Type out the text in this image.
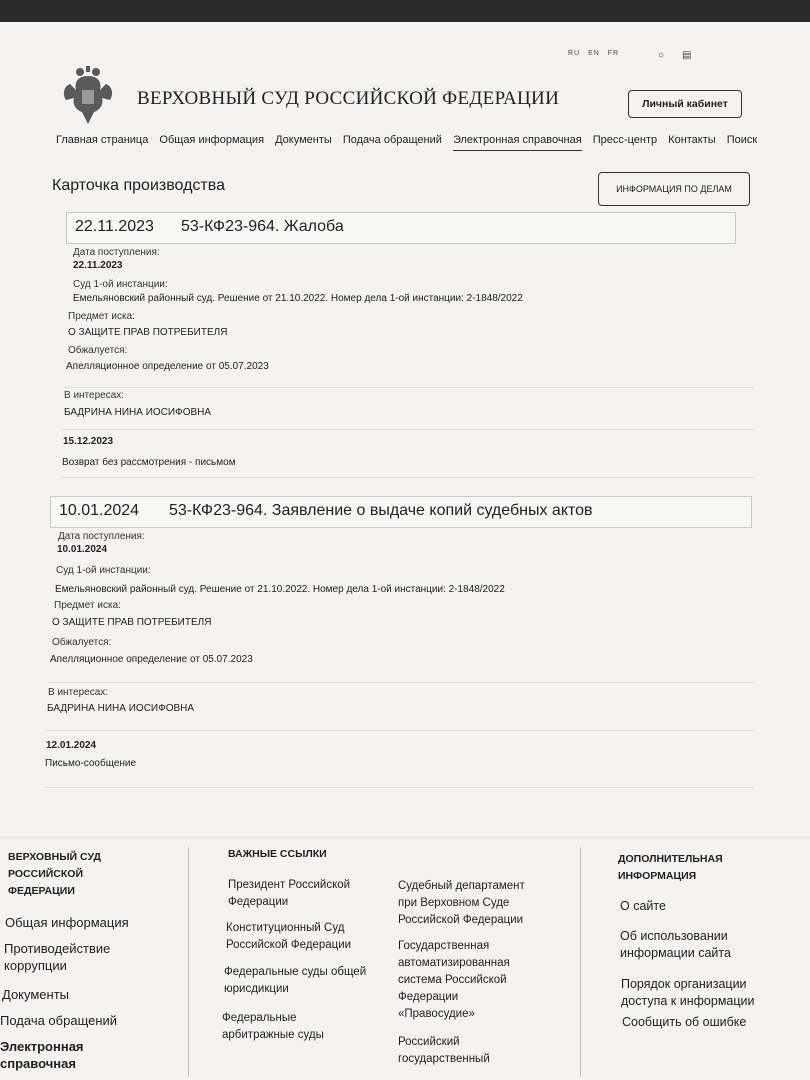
RU EN FR	○ ▤
ВЕРХОВНЫЙ СУД РОССИЙСКОЙ ФЕДЕРАЦИИ	Личный кабинет
Главная страница Общая информация Документы Подача обращений Электронная справочная Пресс-центр Контакты Поиск
Карточка производства	ИНФОРМАЦИЯ ПО ДЕЛАМ
22.11.2023 53-КФ23-964. Жалоба
Дата поступления:
22.11.2023
Суд 1-ой инстанции:
Емельяновский районный суд. Решение от 21.10.2022. Номер дела 1-ой инстанции: 2-1848/2022
Предмет иска:
О ЗАЩИТЕ ПРАВ ПОТРЕБИТЕЛЯ
Обжалуется:
Апелляционное определение от 05.07.2023
В интересах:
БАДРИНА НИНА ИОСИФОВНА
15.12.2023
Возврат без рассмотрения - письмом
10.01.2024 53-КФ23-964. Заявление о выдаче копий судебных актов
Дата поступления:
10.01.2024
Суд 1-ой инстанции:
Емельяновский районный суд. Решение от 21.10.2022. Номер дела 1-ой инстанции: 2-1848/2022
Предмет иска:
О ЗАЩИТЕ ПРАВ ПОТРЕБИТЕЛЯ
Обжалуется:
Апелляционное определение от 05.07.2023
В интересах:
БАДРИНА НИНА ИОСИФОВНА
12.01.2024
Письмо-сообщение
ВЕРХОВНЫЙ СУД РОССИЙСКОЙ ФЕДЕРАЦИИ
Общая информация
Противодействие коррупции
Документы
Подача обращений
Электронная справочная
ВАЖНЫЕ ССЫЛКИ
Президент Российской Федерации
Конституционный Суд Российской Федерации
Федеральные суды общей юрисдикции
Федеральные арбитражные суды
Судебный департамент при Верховном Суде Российской Федерации
Государственная автоматизированная система Российской Федерации «Правосудие»
Российский государственный
ДОПОЛНИТЕЛЬНАЯ ИНФОРМАЦИЯ
О сайте
Об использовании информации сайта
Порядок организации доступа к информации
Сообщить об ошибке
